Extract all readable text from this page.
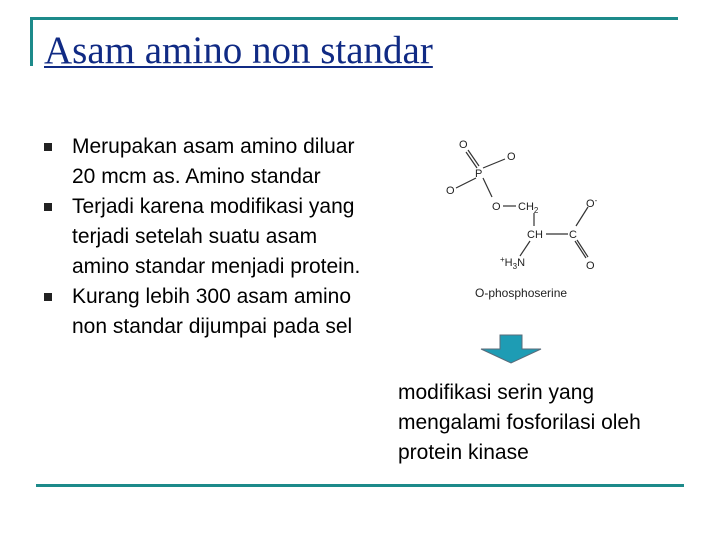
Asam amino non standar
Merupakan asam amino diluar 20 mcm as. Amino standar
Terjadi karena modifikasi yang terjadi setelah suatu asam amino standar menjadi protein.
Kurang lebih 300 asam amino non standar dijumpai pada sel
O
O
O
P
O $CH_2$
O-
CH C
$^+H_3N$	O
O-phosphoserine
modifikasi serin yang mengalami fosforilasi oleh protein kinase
